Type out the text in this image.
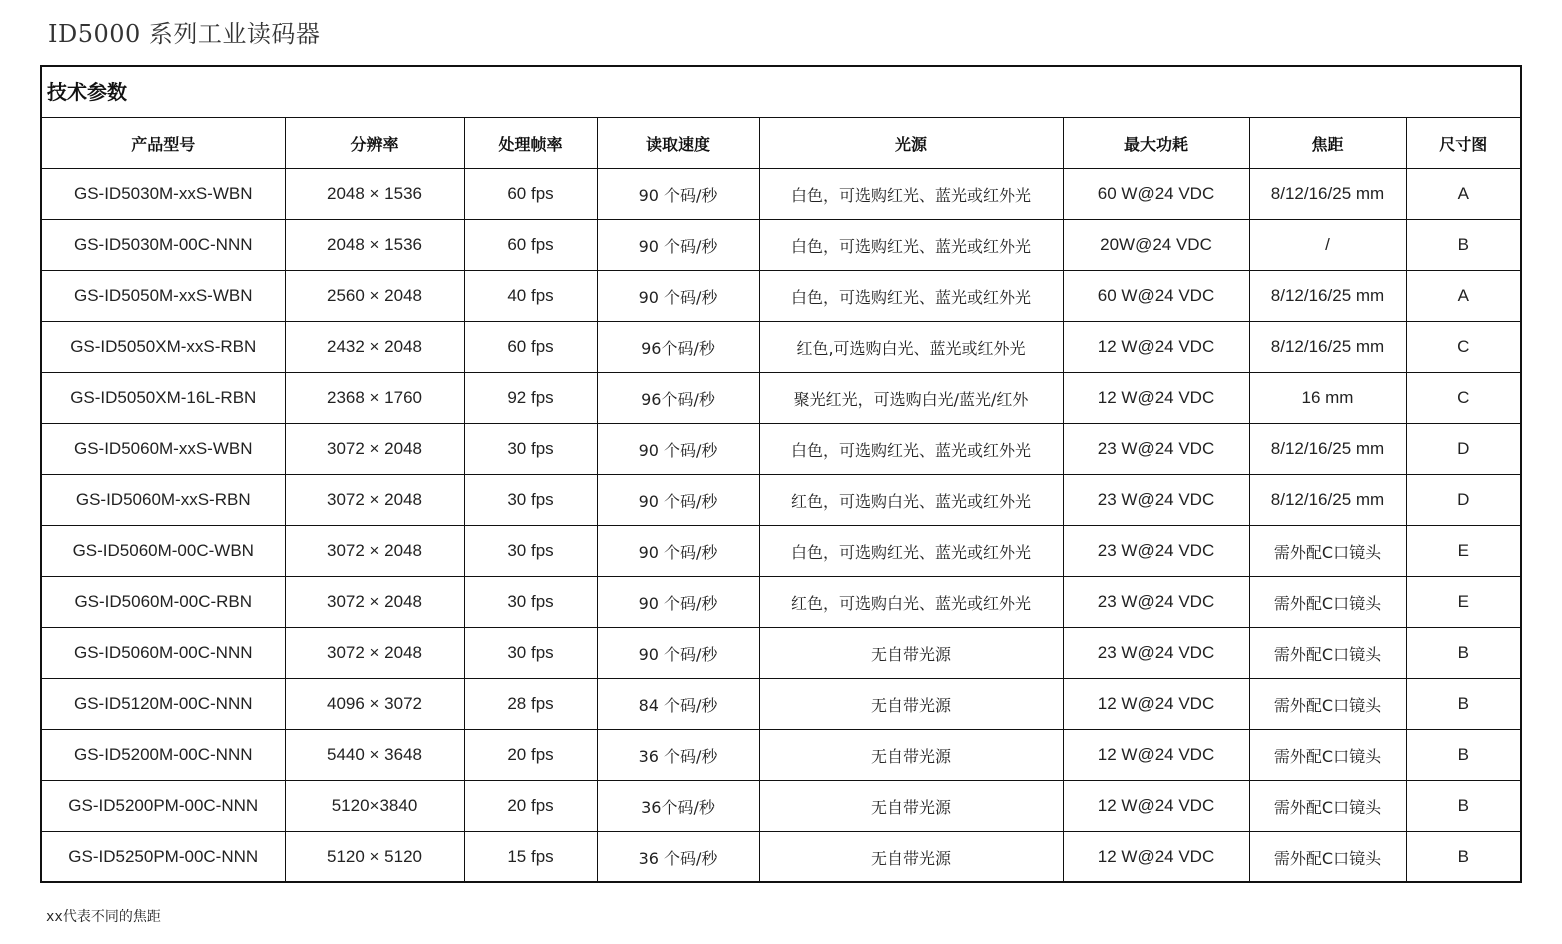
ID5000 系列工业读码器
技术参数
产品型号	分辨率	处理帧率	读取速度	光源	最大功耗	焦距	尺寸图
GS-ID5030M-xxS-WBN	2048 × 1536	60 fps	90 个码/秒	白色，可选购红光、蓝光或红外光	60 W@24 VDC	8/12/16/25 mm	A
GS-ID5030M-00C-NNN	2048 × 1536	60 fps	90 个码/秒	白色，可选购红光、蓝光或红外光	20W@24 VDC	/	B
GS-ID5050M-xxS-WBN	2560 × 2048	40 fps	90 个码/秒	白色，可选购红光、蓝光或红外光	60 W@24 VDC	8/12/16/25 mm	A
GS-ID5050XM-xxS-RBN	2432 × 2048	60 fps	96个码/秒	红色,可选购白光、蓝光或红外光	12 W@24 VDC	8/12/16/25 mm	C
GS-ID5050XM-16L-RBN	2368 × 1760	92 fps	96个码/秒	聚光红光，可选购白光/蓝光/红外	12 W@24 VDC	16 mm	C
GS-ID5060M-xxS-WBN	3072 × 2048	30 fps	90 个码/秒	白色，可选购红光、蓝光或红外光	23 W@24 VDC	8/12/16/25 mm	D
GS-ID5060M-xxS-RBN	3072 × 2048	30 fps	90 个码/秒	红色，可选购白光、蓝光或红外光	23 W@24 VDC	8/12/16/25 mm	D
GS-ID5060M-00C-WBN	3072 × 2048	30 fps	90 个码/秒	白色，可选购红光、蓝光或红外光	23 W@24 VDC	需外配C口镜头	E
GS-ID5060M-00C-RBN	3072 × 2048	30 fps	90 个码/秒	红色，可选购白光、蓝光或红外光	23 W@24 VDC	需外配C口镜头	E
GS-ID5060M-00C-NNN	3072 × 2048	30 fps	90 个码/秒	无自带光源	23 W@24 VDC	需外配C口镜头	B
GS-ID5120M-00C-NNN	4096 × 3072	28 fps	84 个码/秒	无自带光源	12 W@24 VDC	需外配C口镜头	B
GS-ID5200M-00C-NNN	5440 × 3648	20 fps	36 个码/秒	无自带光源	12 W@24 VDC	需外配C口镜头	B
GS-ID5200PM-00C-NNN	5120×3840	20 fps	36个码/秒	无自带光源	12 W@24 VDC	需外配C口镜头	B
GS-ID5250PM-00C-NNN	5120 × 5120	15 fps	36 个码/秒	无自带光源	12 W@24 VDC	需外配C口镜头	B
xx代表不同的焦距
